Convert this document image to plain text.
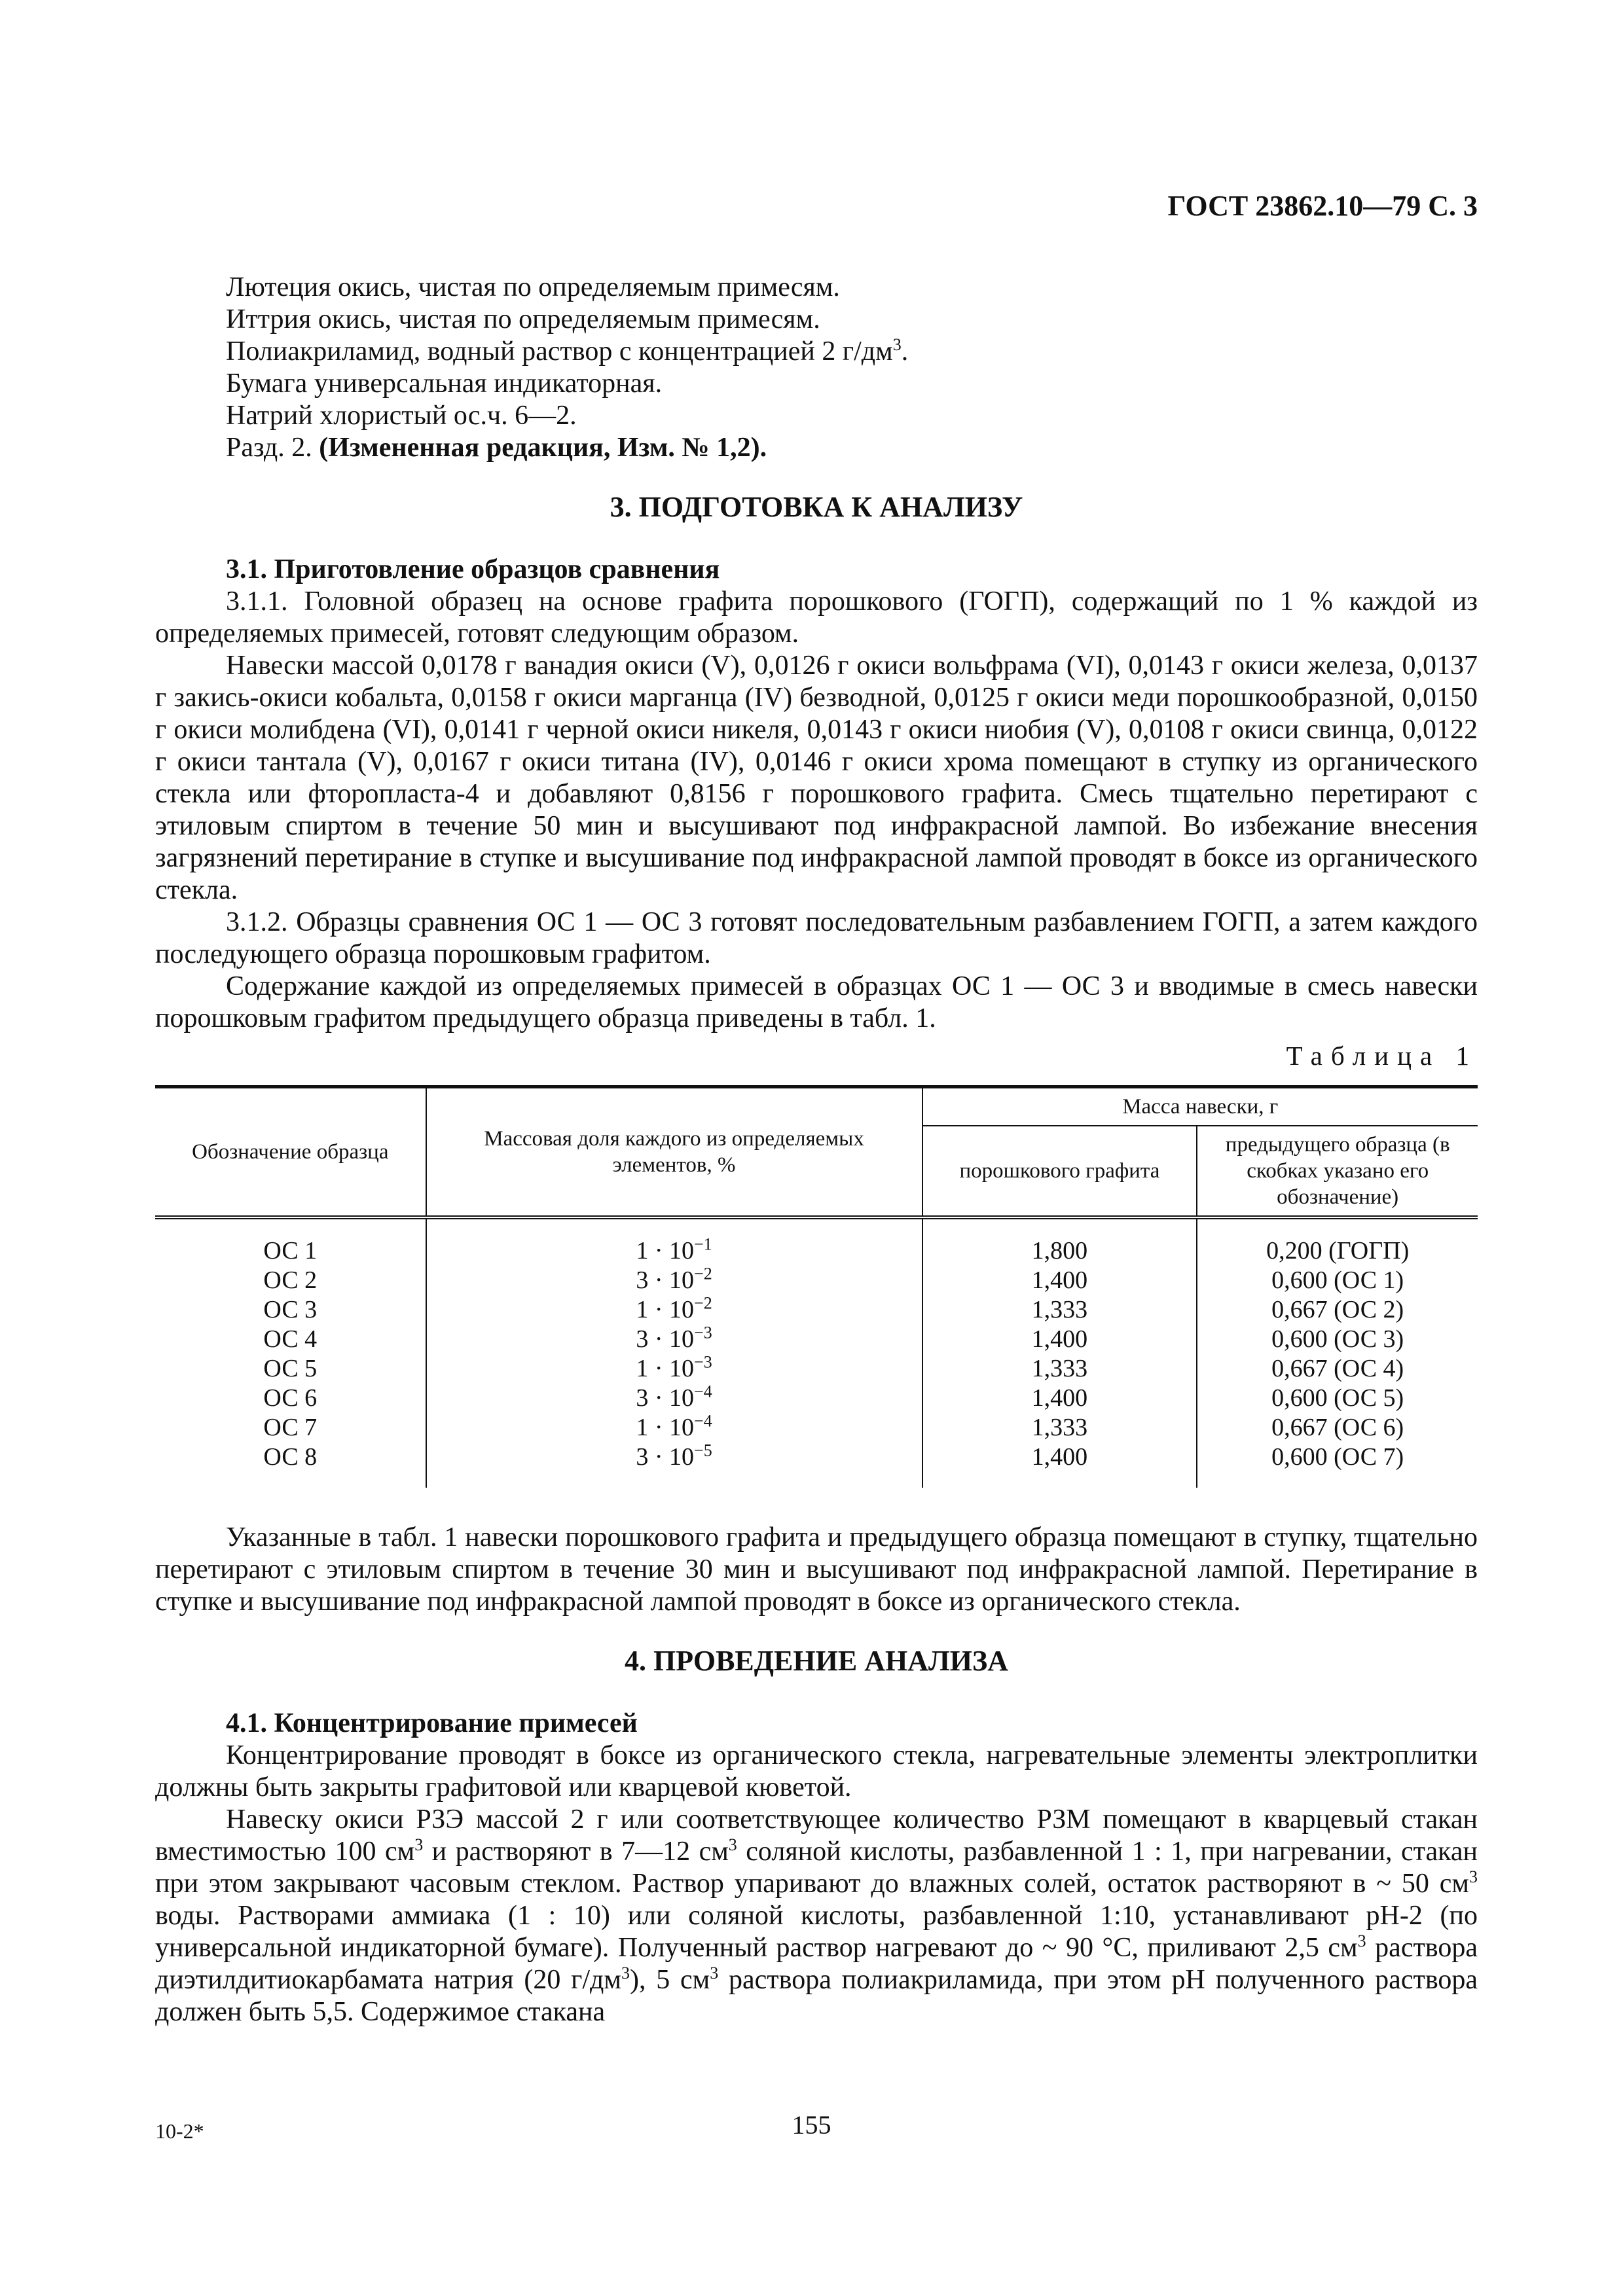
ГОСТ 23862.10—79 С. 3
Лютеция окись, чистая по определяемым примесям.
Иттрия окись, чистая по определяемым примесям.
Полиакриламид, водный раствор с концентрацией 2 $г/дм^3$.
Бумага универсальная индикаторная.
Натрий хлористый ос.ч. 6—2.
Разд. 2. (Измененная редакция, Изм. № 1,2).
3. ПОДГОТОВКА К АНАЛИЗУ
3.1. Приготовление образцов сравнения

3.1.1. Головной образец на основе графита порошкового (ГОГП), содержащий по 1 % каждой из определяемых примесей, готовят следующим образом.

Навески массой 0,0178 г ванадия окиси (V), 0,0126 г окиси вольфрама (VI), 0,0143 г окиси железа, 0,0137 г закись-окиси кобальта, 0,0158 г окиси марганца (IV) безводной, 0,0125 г окиси меди порошкообразной, 0,0150 г окиси молибдена (VI), 0,0141 г черной окиси никеля, 0,0143 г окиси ниобия (V), 0,0108 г окиси свинца, 0,0122 г окиси тантала (V), 0,0167 г окиси титана (IV), 0,0146 г окиси хрома помещают в ступку из органического стекла или фторопласта-4 и добавляют 0,8156 г порошкового графита. Смесь тщательно перетирают с этиловым спиртом в течение 50 мин и высушивают под инфракрасной лампой. Во избежание внесения загрязнений перетирание в ступке и высушивание под инфракрасной лампой проводят в боксе из органического стекла.

3.1.2. Образцы сравнения ОС 1 — ОС 3 готовят последовательным разбавлением ГОГП, а затем каждого последующего образца порошковым графитом.

Содержание каждой из определяемых примесей в образцах ОС 1 — ОС 3 и вводимые в смесь навески порошковым графитом предыдущего образца приведены в табл. 1.

Таблица 1
Обозначение образца	Массовая доля каждого из определяемых элементов, %	Масса навески, г	
		порошкового графита	предыдущего образца (в скобках указано его обозначение)
ОС 1	$1 \cdot 10^{-1}$	1,800	0,200 (ГОГП)
ОС 2	$3 \cdot 10^{-2}$	1,400	0,600 (ОС 1)
ОС 3	$1 \cdot 10^{-2}$	1,333	0,667 (ОС 2)
ОС 4	$3 \cdot 10^{-3}$	1,400	0,600 (ОС 3)
ОС 5	$1 \cdot 10^{-3}$	1,333	0,667 (ОС 4)
ОС 6	$3 \cdot 10^{-4}$	1,400	0,600 (ОС 5)
ОС 7	$1 \cdot 10^{-4}$	1,333	0,667 (ОС 6)
ОС 8	$3 \cdot 10^{-5}$	1,400	0,600 (ОС 7)

Указанные в табл. 1 навески порошкового графита и предыдущего образца помещают в ступку, тщательно перетирают с этиловым спиртом в течение 30 мин и высушивают под инфракрасной лампой. Перетирание в ступке и высушивание под инфракрасной лампой проводят в боксе из органического стекла.

4. ПРОВЕДЕНИЕ АНАЛИЗА
4.1. Концентрирование примесей

Концентрирование проводят в боксе из органического стекла, нагревательные элементы электроплитки должны быть закрыты графитовой или кварцевой кюветой.

Навеску окиси РЗЭ массой 2 г или соответствующее количество РЗМ помещают в кварцевый стакан вместимостью 100 $см^3$ и растворяют в 7—12 $см^3$ соляной кислоты, разбавленной 1 : 1, при нагревании, стакан при этом закрывают часовым стеклом. Раствор упаривают до влажных солей, остаток растворяют в ~ 50 $см^3$ воды. Растворами аммиака (1 : 10) или соляной кислоты, разбавленной 1:10, устанавливают рН-2 (по универсальной индикаторной бумаге). Полученный раствор нагревают до ~ 90 °С, приливают 2,5 $см^3$ раствора диэтилдитиокарбамата натрия (20 $г/дм^3$), 5 $см^3$ раствора полиакриламида, при этом рН полученного раствора должен быть 5,5. Содержимое стакана

10-2*	155
